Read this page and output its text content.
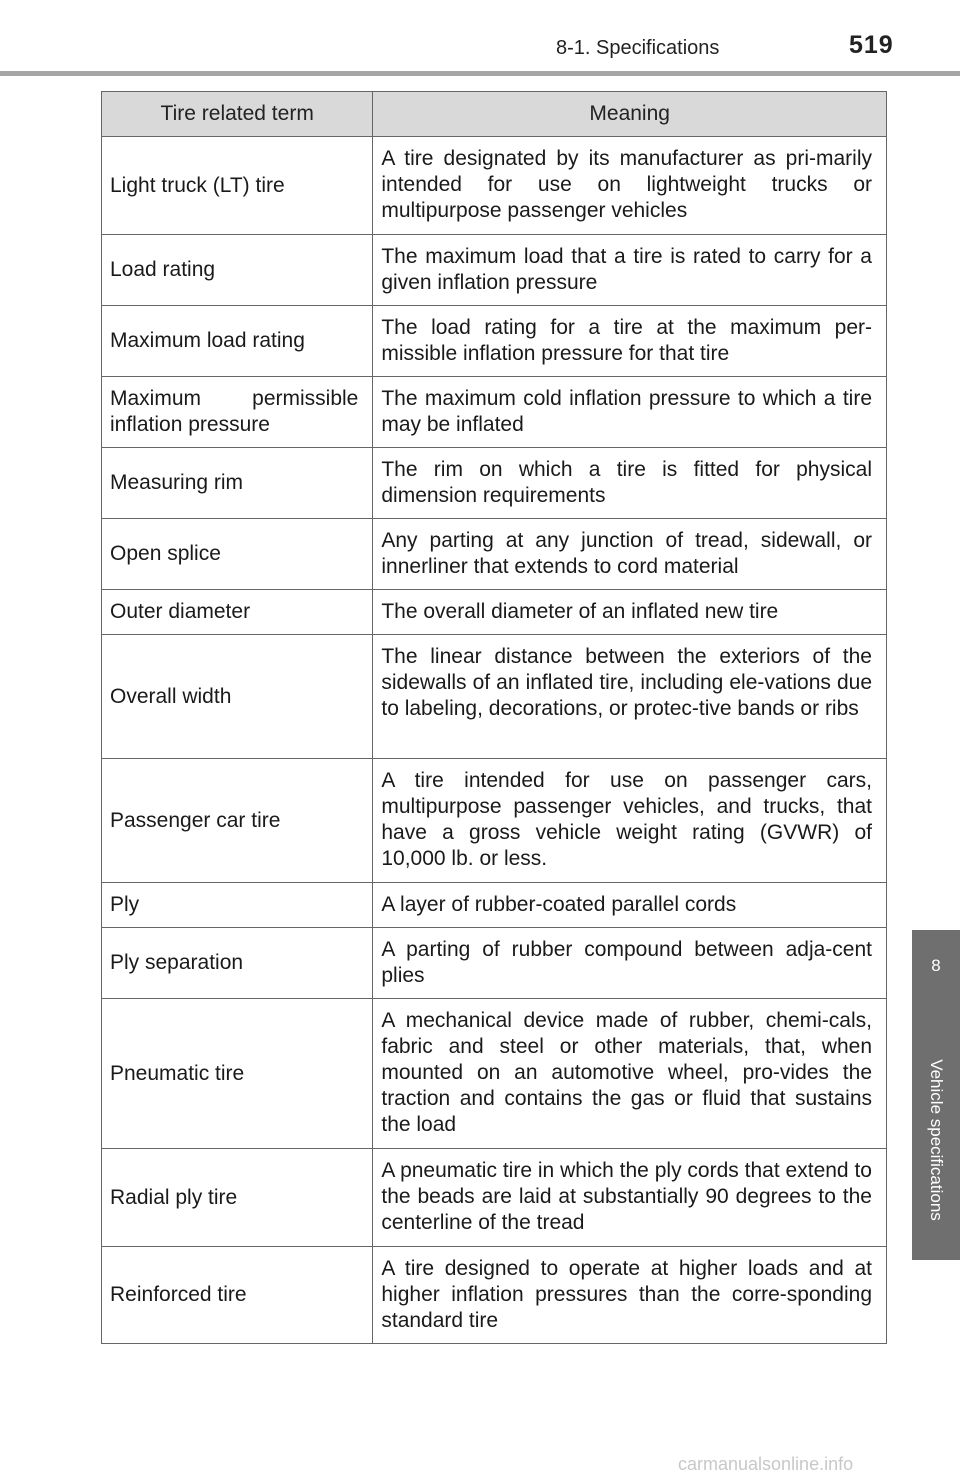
8-1. Specifications	519
8
Vehicle specifications
Tire related term	Meaning
Light truck (LT) tire	A tire designated by its manufacturer as pri-marily intended for use on lightweight trucks or multipurpose passenger vehicles
Load rating	The maximum load that a tire is rated to carry for a given inflation pressure
Maximum load rating	The load rating for a tire at the maximum per-missible inflation pressure for that tire
Maximum permissible inflation pressure	The maximum cold inflation pressure to which a tire may be inflated
Measuring rim	The rim on which a tire is fitted for physical dimension requirements
Open splice	Any parting at any junction of tread, sidewall, or innerliner that extends to cord material
Outer diameter	The overall diameter of an inflated new tire
Overall width	The linear distance between the exteriors of the sidewalls of an inflated tire, including ele-vations due to labeling, decorations, or protec-tive bands or ribs
Passenger car tire	A tire intended for use on passenger cars, multipurpose passenger vehicles, and trucks, that have a gross vehicle weight rating (GVWR) of 10,000 lb. or less.
Ply	A layer of rubber-coated parallel cords
Ply separation	A parting of rubber compound between adja-cent plies
Pneumatic tire	A mechanical device made of rubber, chemi-cals, fabric and steel or other materials, that, when mounted on an automotive wheel, pro-vides the traction and contains the gas or fluid that sustains the load
Radial ply tire	A pneumatic tire in which the ply cords that extend to the beads are laid at substantially 90 degrees to the centerline of the tread
Reinforced tire	A tire designed to operate at higher loads and at higher inflation pressures than the corre-sponding standard tire
carmanualsonline.info
